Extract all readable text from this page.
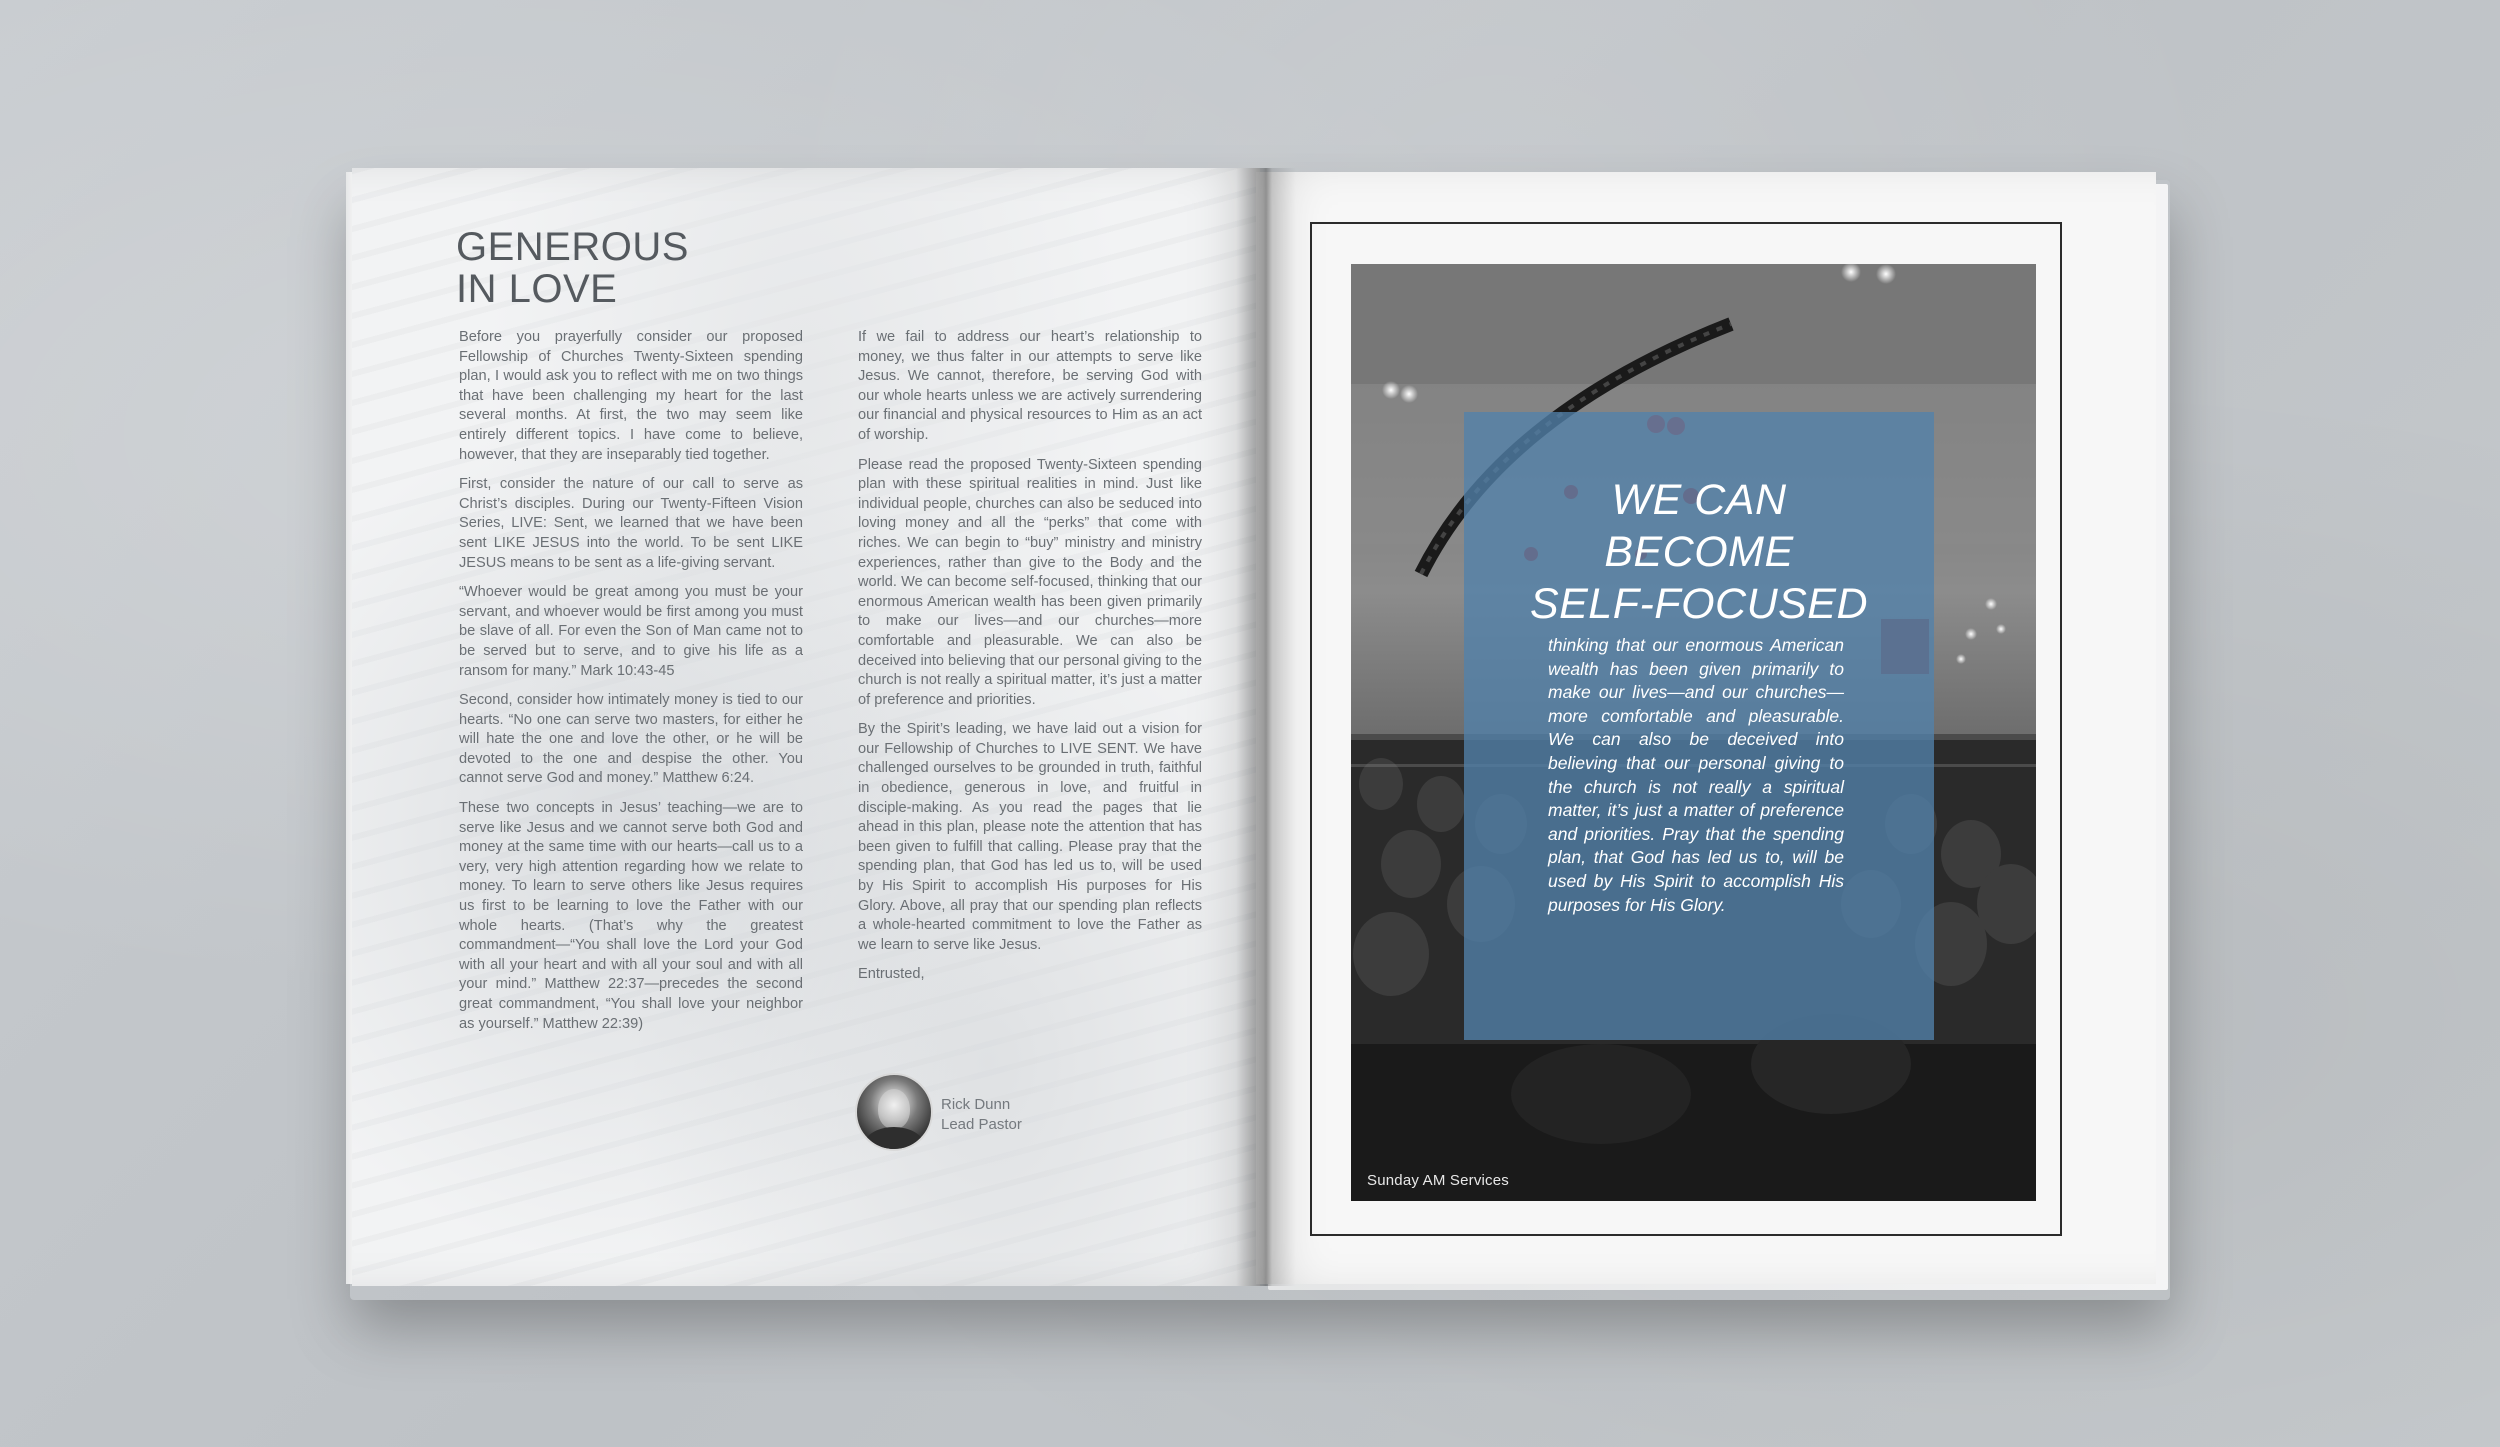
GENEROUS
IN LOVE

Before you prayerfully consider our proposed Fellowship of Churches Twenty-Sixteen spending plan, I would ask you to reflect with me on two things that have been challenging my heart for the last several months. At first, the two may seem like entirely different topics. I have come to believe, however, that they are inseparably tied together.

First, consider the nature of our call to serve as Christ’s disciples. During our Twenty-Fifteen Vision Series, LIVE: Sent, we learned that we have been sent LIKE JESUS into the world. To be sent LIKE JESUS means to be sent as a life-giving servant.

“Whoever would be great among you must be your servant, and whoever would be first among you must be slave of all. For even the Son of Man came not to be served but to serve, and to give his life as a ransom for many.” Mark 10:43-45

Second, consider how intimately money is tied to our hearts. “No one can serve two masters, for either he will hate the one and love the other, or he will be devoted to the one and despise the other. You cannot serve God and money.” Matthew 6:24.

These two concepts in Jesus’ teaching—we are to serve like Jesus and we cannot serve both God and money at the same time with our hearts—call us to a very, very high attention regarding how we relate to money. To learn to serve others like Jesus requires us first to be learning to love the Father with our whole hearts. (That’s why the greatest commandment—“You shall love the Lord your God with all your heart and with all your soul and with all your mind.” Matthew 22:37—precedes the second great commandment, “You shall love your neighbor as yourself.” Matthew 22:39)

If we fail to address our heart’s relationship to money, we thus falter in our attempts to serve like Jesus. We cannot, therefore, be serving God with our whole hearts unless we are actively surrendering our financial and physical resources to Him as an act of worship.

Please read the proposed Twenty-Sixteen spending plan with these spiritual realities in mind. Just like individual people, churches can also be seduced into loving money and all the “perks” that come with riches. We can begin to “buy” ministry and ministry experiences, rather than give to the Body and the world. We can become self-focused, thinking that our enormous American wealth has been given primarily to make our lives—and our churches—more comfortable and pleasurable. We can also be deceived into believing that our personal giving to the church is not really a spiritual matter, it’s just a matter of preference and priorities.

By the Spirit’s leading, we have laid out a vision for our Fellowship of Churches to LIVE SENT. We have challenged ourselves to be grounded in truth, faithful in obedience, generous in love, and fruitful in disciple-making. As you read the pages that lie ahead in this plan, please note the attention that has been given to fulfill that calling. Please pray that the spending plan, that God has led us to, will be used by His Spirit to accomplish His purposes for His Glory. Above, all pray that our spending plan reflects a whole-hearted commitment to love the Father as we learn to serve like Jesus.

Entrusted,

Rick Dunn
Lead Pastor
WE CAN
BECOME
SELF-FOCUSED

thinking that our enormous American wealth has been given primarily to make our lives—and our churches—more comfortable and pleasurable. We can also be deceived into believing that our personal giving to the church is not really a spiritual matter, it’s just a matter of preference and priorities. Pray that the spending plan, that God has led us to, will be used by His Spirit to accomplish His purposes for His Glory.

Sunday AM Services
